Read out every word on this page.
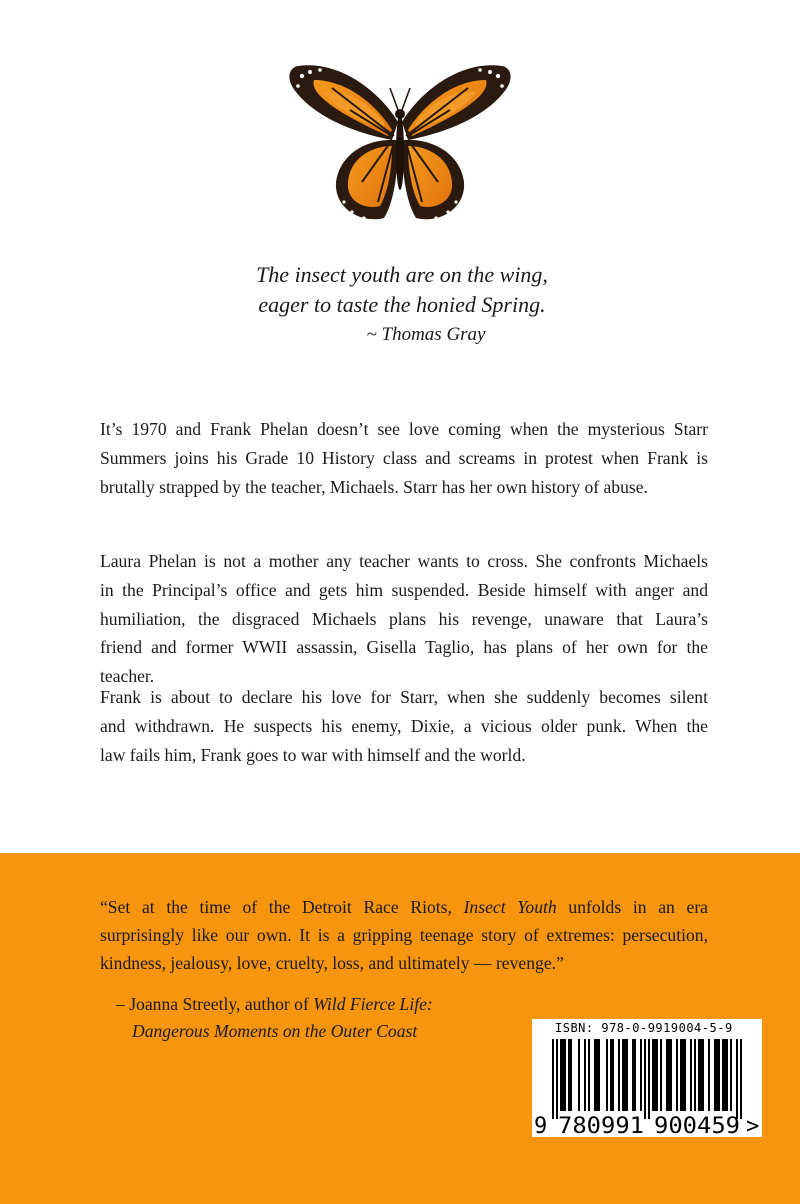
The insect youth are on the wing,
eager to taste the honied Spring.
~ Thomas Gray
It’s 1970 and Frank Phelan doesn’t see love coming when the mysterious Starr
Summers joins his Grade 10 History class and screams in protest when Frank is
brutally strapped by the teacher, Michaels. Starr has her own history of abuse.
Laura Phelan is not a mother any teacher wants to cross. She confronts Michaels
in the Principal’s office and gets him suspended. Beside himself with anger and
humiliation, the disgraced Michaels plans his revenge, unaware that Laura’s
friend and former WWII assassin, Gisella Taglio, has plans of her own for the
teacher.
Frank is about to declare his love for Starr, when she suddenly becomes silent
and withdrawn. He suspects his enemy, Dixie, a vicious older punk. When the
law fails him, Frank goes to war with himself and the world.
“Set at the time of the Detroit Race Riots, Insect Youth unfolds in an era
surprisingly like our own. It is a gripping teenage story of extremes: persecution,
kindness, jealousy, love, cruelty, loss, and ultimately — revenge.”
– Joanna Streetly, author of Wild Fierce Life:
Dangerous Moments on the Outer Coast	ISBN: 978-0-9919004-5-9
9 780991 900459 >
